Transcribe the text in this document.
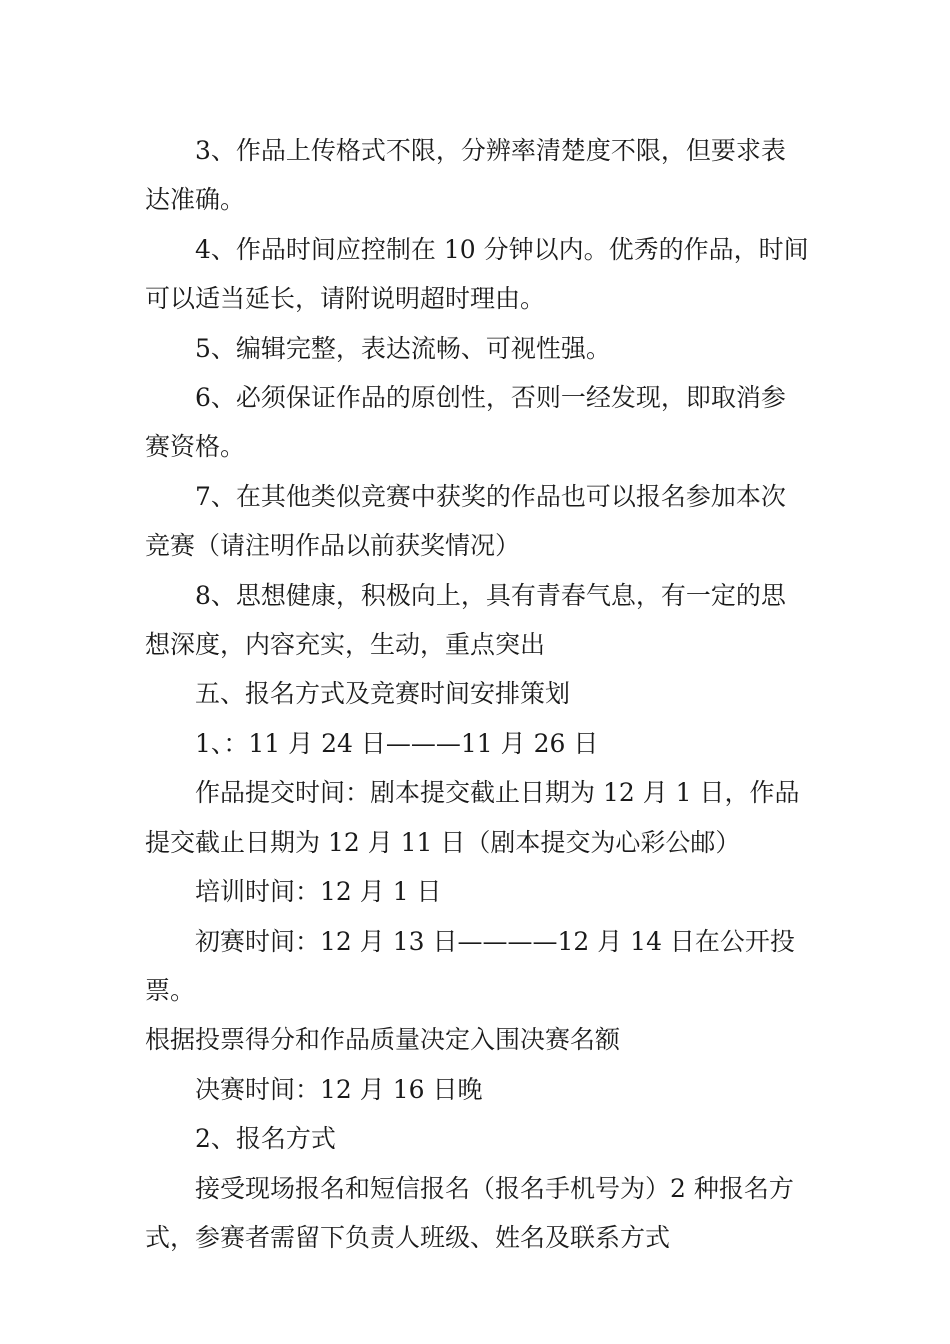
3、作品上传格式不限，分辨率清楚度不限，但要求表
达准确。

4、作品时间应控制在 10 分钟以内。优秀的作品，时间
可以适当延长，请附说明超时理由。

5、编辑完整，表达流畅、可视性强。

6、必须保证作品的原创性，否则一经发现，即取消参
赛资格。

7、在其他类似竞赛中获奖的作品也可以报名参加本次
竞赛（请注明作品以前获奖情况）

8、思想健康，积极向上，具有青春气息，有一定的思
想深度，内容充实，生动，重点突出

五、报名方式及竞赛时间安排策划

1、：11 月 24 日———11 月 26 日

作品提交时间：剧本提交截止日期为 12 月 1 日，作品
提交截止日期为 12 月 11 日（剧本提交为心彩公邮）

培训时间：12 月 1 日

初赛时间：12 月 13 日————12 月 14 日在公开投票。
根据投票得分和作品质量决定入围决赛名额

决赛时间：12 月 16 日晚

2、报名方式

接受现场报名和短信报名（报名手机号为）2 种报名方
式，参赛者需留下负责人班级、姓名及联系方式
